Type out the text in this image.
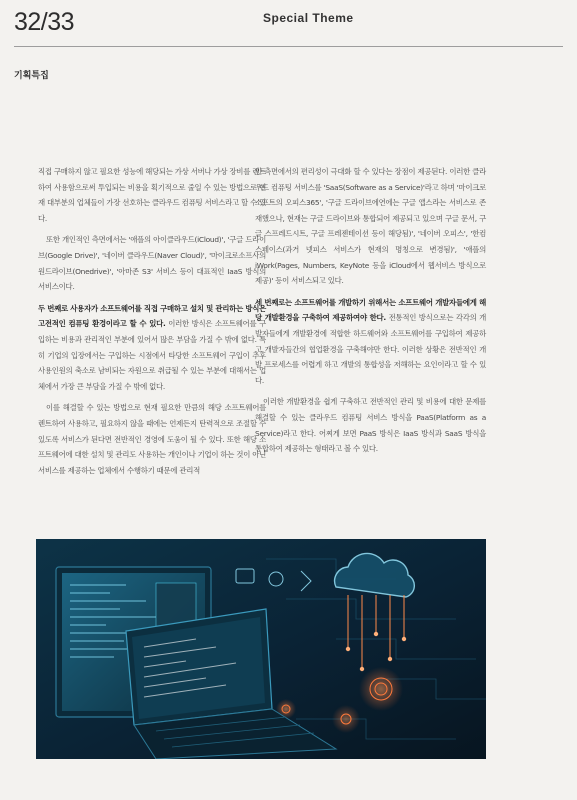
32/33	Special Theme
기획특집

직접 구매하지 않고 필요한 성능에 해당되는 가상 서버나 가상 장비를 렌트하여 사용함으로써 투입되는 비용을 획기적으로 줄일 수 있는 방법으로 현재 대부분의 업체들이 가장 선호하는 클라우드 컴퓨팅 서비스라고 할 수 있다.

또한 개인적인 측면에서는 '애플의 아이클라우드(iCloud)', '구글 드라이브(Google Drive)', '네이버 클라우드(Naver Cloud)', '마이크로소프사의 원드라이브(Onedrive)', '아마존 S3' 서비스 등이 대표적인 IaaS 방식의 서비스이다.

두 번째로 사용자가 소프트웨어를 직접 구매하고 설치 및 관리하는 방식은 고전적인 컴퓨팅 환경이라고 할 수 있다. 이러한 방식은 소프트웨어를 구입하는 비용과 관리적인 부분에 있어서 많은 부담을 가질 수 밖에 없다. 특히 기업의 입장에서는 구입하는 시점에서 타당한 소프트웨어 구입이 추후 사용인원의 축소로 남비되는 자원으로 취급될 수 있는 부분에 대해서는 업체에서 가장 큰 부담을 가질 수 밖에 없다.

이를 해결할 수 있는 방법으로 현재 필요한 만큼의 해당 소프트웨어를 렌트하여 사용하고, 필요하지 않을 때에는 언제든지 탄력적으로 조절할 수 있도록 서비스가 된다면 전반적인 경영에 도움이 될 수 있다. 또한 해당 소프트웨어에 대한 설치 및 관리도 사용하는 개인이나 기업이 하는 것이 아닌 서비스를 제공하는 업체에서 수행하기 때문에 관리적

인 측면에서의 편리성이 극대화 할 수 있다는 장점이 제공된다. 이러한 클라우드 컴퓨팅 서비스를 'SaaS(Software as a Service)'라고 하며 '마이크로소프트의 오피스365', '구글 드라이브에연에는 구글 앱스라는 서비스로 존재했으나, 현재는 구글 드라이브와 통합되어 제공되고 있으며 구글 문서, 구글 스프레드시트, 구글 프레젠테이션 등이 해당됨)', '네이버 오피스', '한컴 스페이스(과거 넷피스 서비스가 현재의 명칭으로 변경됨)', '애플의 iWork(Pages, Numbers, KeyNote 등을 iCloud에서 웹서비스 방식으로 제공)' 등이 서비스되고 있다.

세 번째로는 소프트웨어를 개발하기 위해서는 소프트웨어 개발자들에게 해당 개발환경을 구축하여 제공하여야 한다. 전통적인 방식으로는 각각의 개발자들에게 개발환경에 적합한 하드웨어와 소프트웨어를 구입하여 제공하고 개발자들간의 협업환경을 구축해야만 한다. 이러한 상황은 전반적인 개발 프로세스를 어렵게 하고 개발의 통합성을 저해하는 요인이라고 할 수 있다.

이러한 개발환경을 쉽게 구축하고 전반적인 관리 및 비용에 대한 문제를 해결할 수 있는 클라우드 컴퓨팅 서비스 방식을 PaaS(Platform as a Service)라고 한다. 어찌게 보면 PaaS 방식은 IaaS 방식과 SaaS 방식을 통합하여 제공하는 형태라고 볼 수 있다.
